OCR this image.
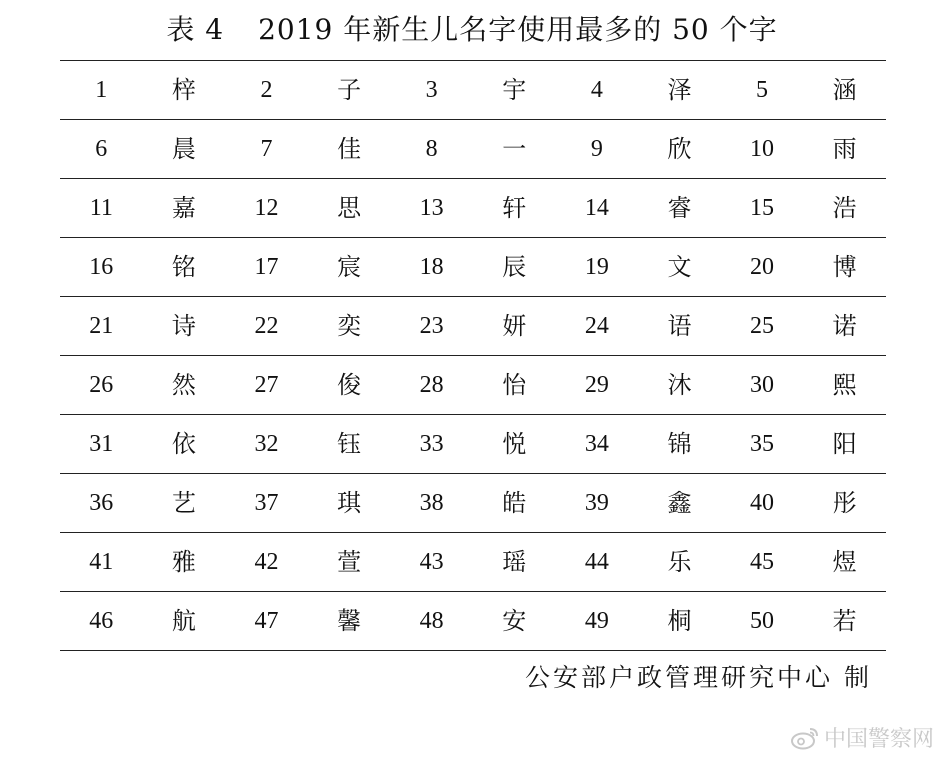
表 4 2019 年新生儿名字使用最多的 50 个字
1	梓	2	子	3	宇	4	泽	5	涵
6	晨	7	佳	8	一	9	欣	10	雨
11	嘉	12	思	13	轩	14	睿	15	浩
16	铭	17	宸	18	辰	19	文	20	博
21	诗	22	奕	23	妍	24	语	25	诺
26	然	27	俊	28	怡	29	沐	30	熙
31	依	32	钰	33	悦	34	锦	35	阳
36	艺	37	琪	38	皓	39	鑫	40	彤
41	雅	42	萱	43	瑶	44	乐	45	煜
46	航	47	馨	48	安	49	桐	50	若
公安部户政管理研究中心 制
中国警察网
